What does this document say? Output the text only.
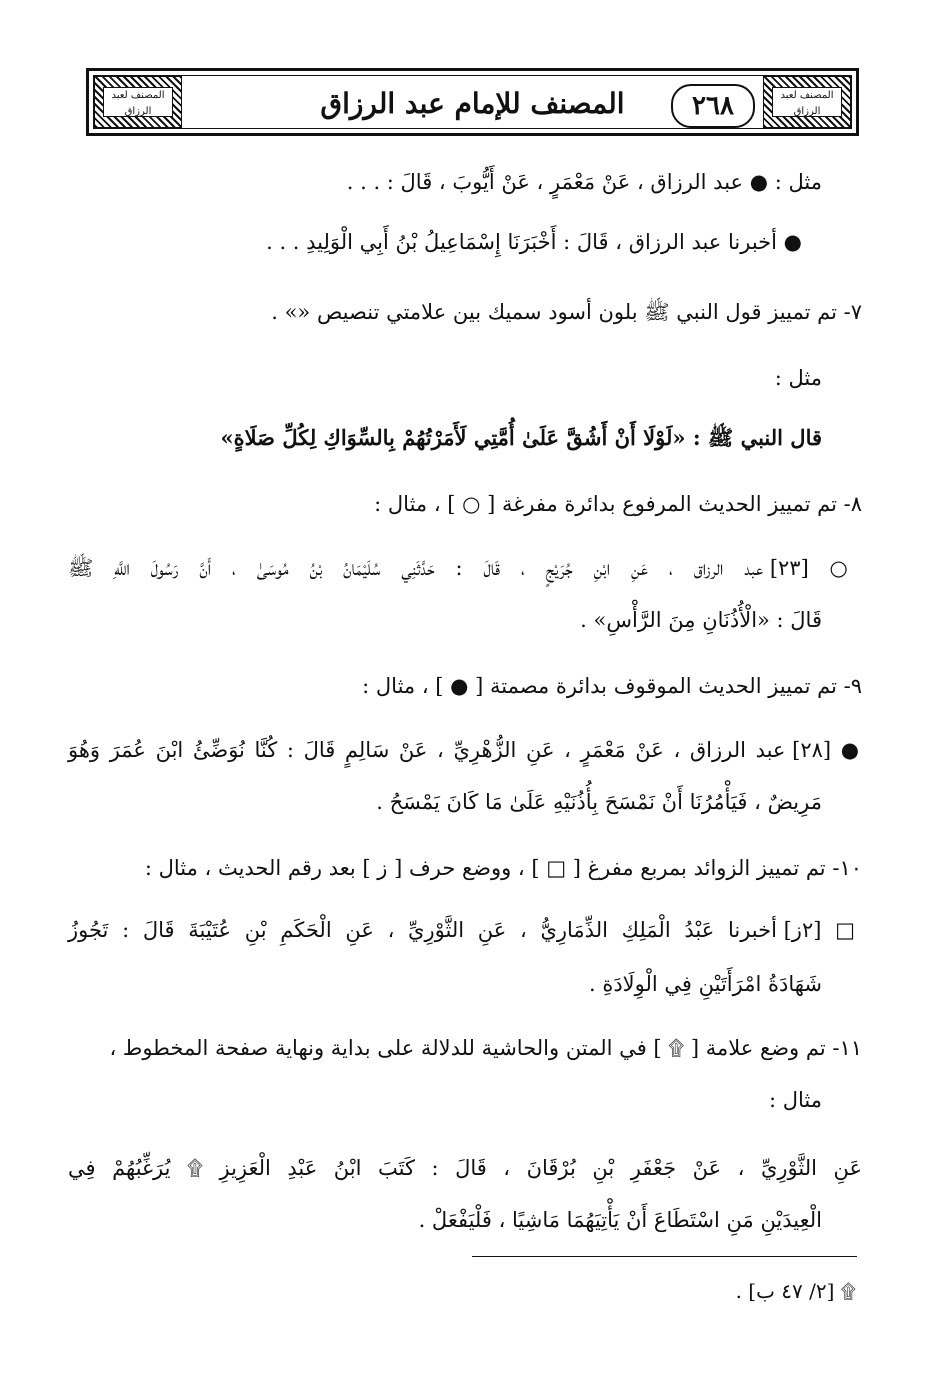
المصنف لعبد الرزاق
المصنف لعبد الرزاق	٢٦٨
المصنف للإمام عبد الرزاق
مثل : ● عبد الرزاق ، عَنْ مَعْمَرٍ ، عَنْ أَيُّوبَ ، قَالَ : . . .
● أخبرنا عبد الرزاق ، قَالَ : أَخْبَرَنَا إِسْمَاعِيلُ بْنُ أَبِي الْوَلِيدِ . . .
٧- تم تمييز قول النبي ﷺ بلون أسود سميك بين علامتي تنصيص «» .
مثل :
قال النبي ﷺ : «لَوْلَا أَنْ أَشُقَّ عَلَىٰ أُمَّتِي لَأَمَرْتُهُمْ بِالسِّوَاكِ لِكُلِّ صَلَاةٍ»
٨- تم تمييز الحديث المرفوع بدائرة مفرغة [ ○ ] ، مثال :
○ [٢٣] عبد الرزاق ، عَنِ ابْنِ جُرَيْجٍ ، قَالَ : حَدَّثَنِي سُلَيْمَانُ بْنُ مُوسَىٰ ، أَنَّ رَسُولَ اللَّهِ ﷺ
قَالَ : «الْأُذُنَانِ مِنَ الرَّأْسِ» .
٩- تم تمييز الحديث الموقوف بدائرة مصمتة [ ● ] ، مثال :
● [٢٨] عبد الرزاق ، عَنْ مَعْمَرٍ ، عَنِ الزُّهْرِيِّ ، عَنْ سَالِمٍ قَالَ : كُنَّا نُوَضِّئُ ابْنَ عُمَرَ وَهُوَ
مَرِيضٌ ، فَيَأْمُرُنَا أَنْ نَمْسَحَ بِأُذُنَيْهِ عَلَىٰ مَا كَانَ يَمْسَحُ .
١٠- تم تمييز الزوائد بمربع مفرغ [ □ ] ، ووضع حرف [ ز ] بعد رقم الحديث ، مثال :
□ [٢ز] أخبرنا عَبْدُ الْمَلِكِ الذِّمَارِيُّ ، عَنِ الثَّوْرِيِّ ، عَنِ الْحَكَمِ بْنِ عُتَيْبَةَ قَالَ : تَجُوزُ
شَهَادَةُ امْرَأَتَيْنِ فِي الْوِلَادَةِ .
١١- تم وضع علامة [ ۩ ] في المتن والحاشية للدلالة على بداية ونهاية صفحة المخطوط ،
مثال :
عَنِ الثَّوْرِيِّ ، عَنْ جَعْفَرِ بْنِ بُرْقَانَ ، قَالَ : كَتَبَ ابْنُ عَبْدِ الْعَزِيزِ ۩ يُرَغِّبُهُمْ فِي
الْعِيدَيْنِ مَنِ اسْتَطَاعَ أَنْ يَأْتِيَهُمَا مَاشِيًا ، فَلْيَفْعَلْ .
۩ [٢/ ٤٧ ب] .
